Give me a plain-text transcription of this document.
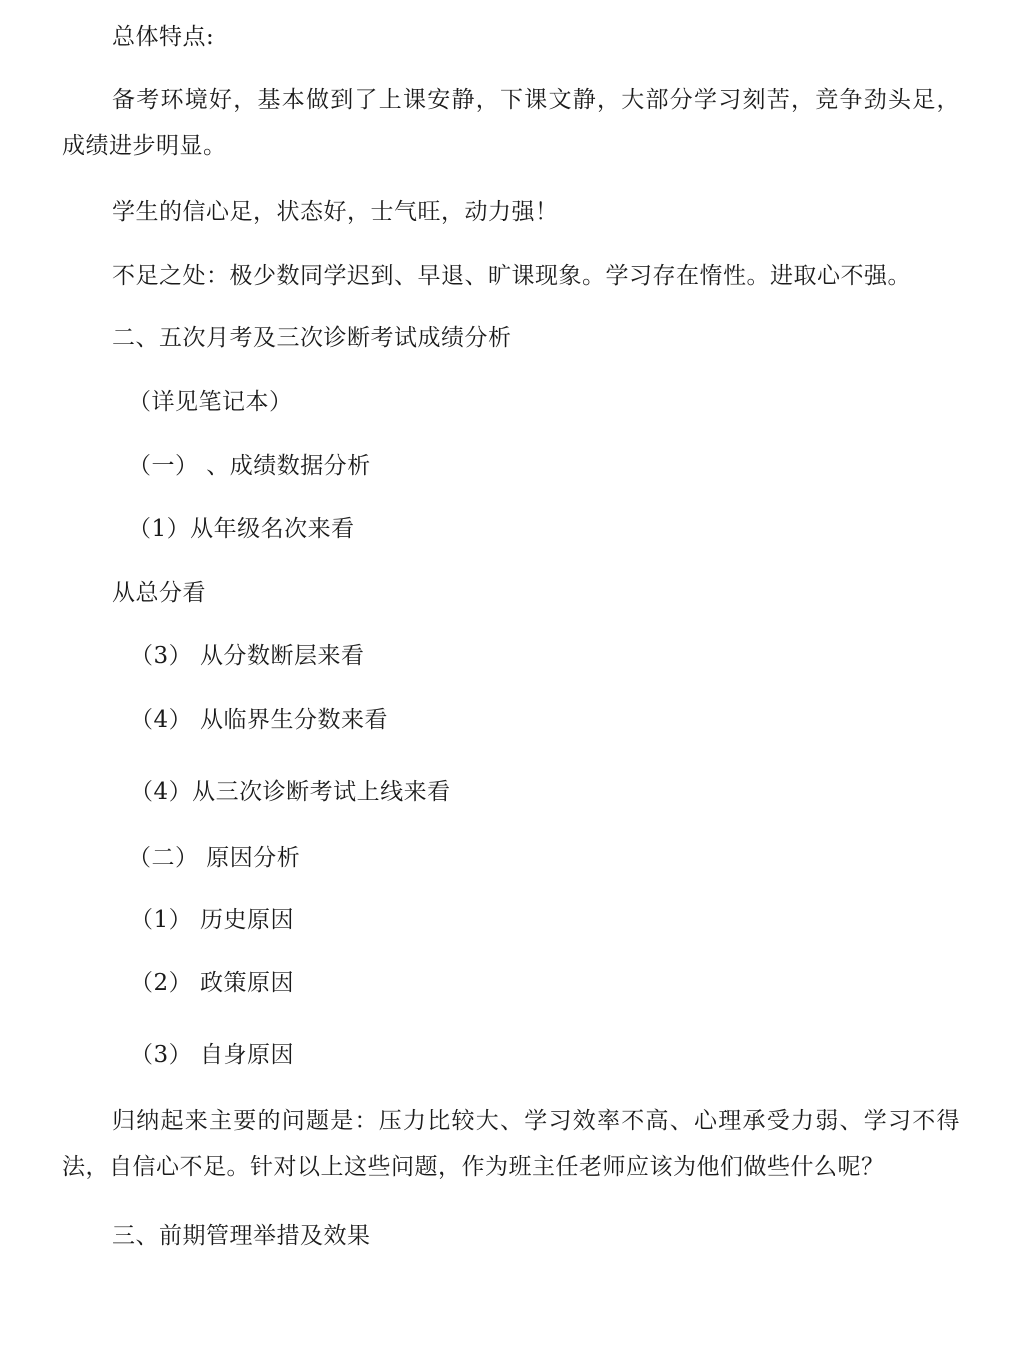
总体特点:
备考环境好，基本做到了上课安静，下课文静，大部分学习刻苦，竞争劲头足， 成绩进步明显。
学生的信心足，状态好，士气旺，动力强！
不足之处：极少数同学迟到、早退、旷课现象。学习存在惰性。进取心不强。
二、五次月考及三次诊断考试成绩分析
（详见笔记本）
（一） 、成绩数据分析
（1）从年级名次来看
从总分看
（3） 从分数断层来看
（4） 从临界生分数来看
（4）从三次诊断考试上线来看
（二） 原因分析
（1） 历史原因
（2） 政策原因
（3） 自身原因
归纳起来主要的问题是：压力比较大、学习效率不高、心理承受力弱、学习不得 法，自信心不足。针对以上这些问题，作为班主任老师应该为他们做些什么呢？
三、前期管理举措及效果
